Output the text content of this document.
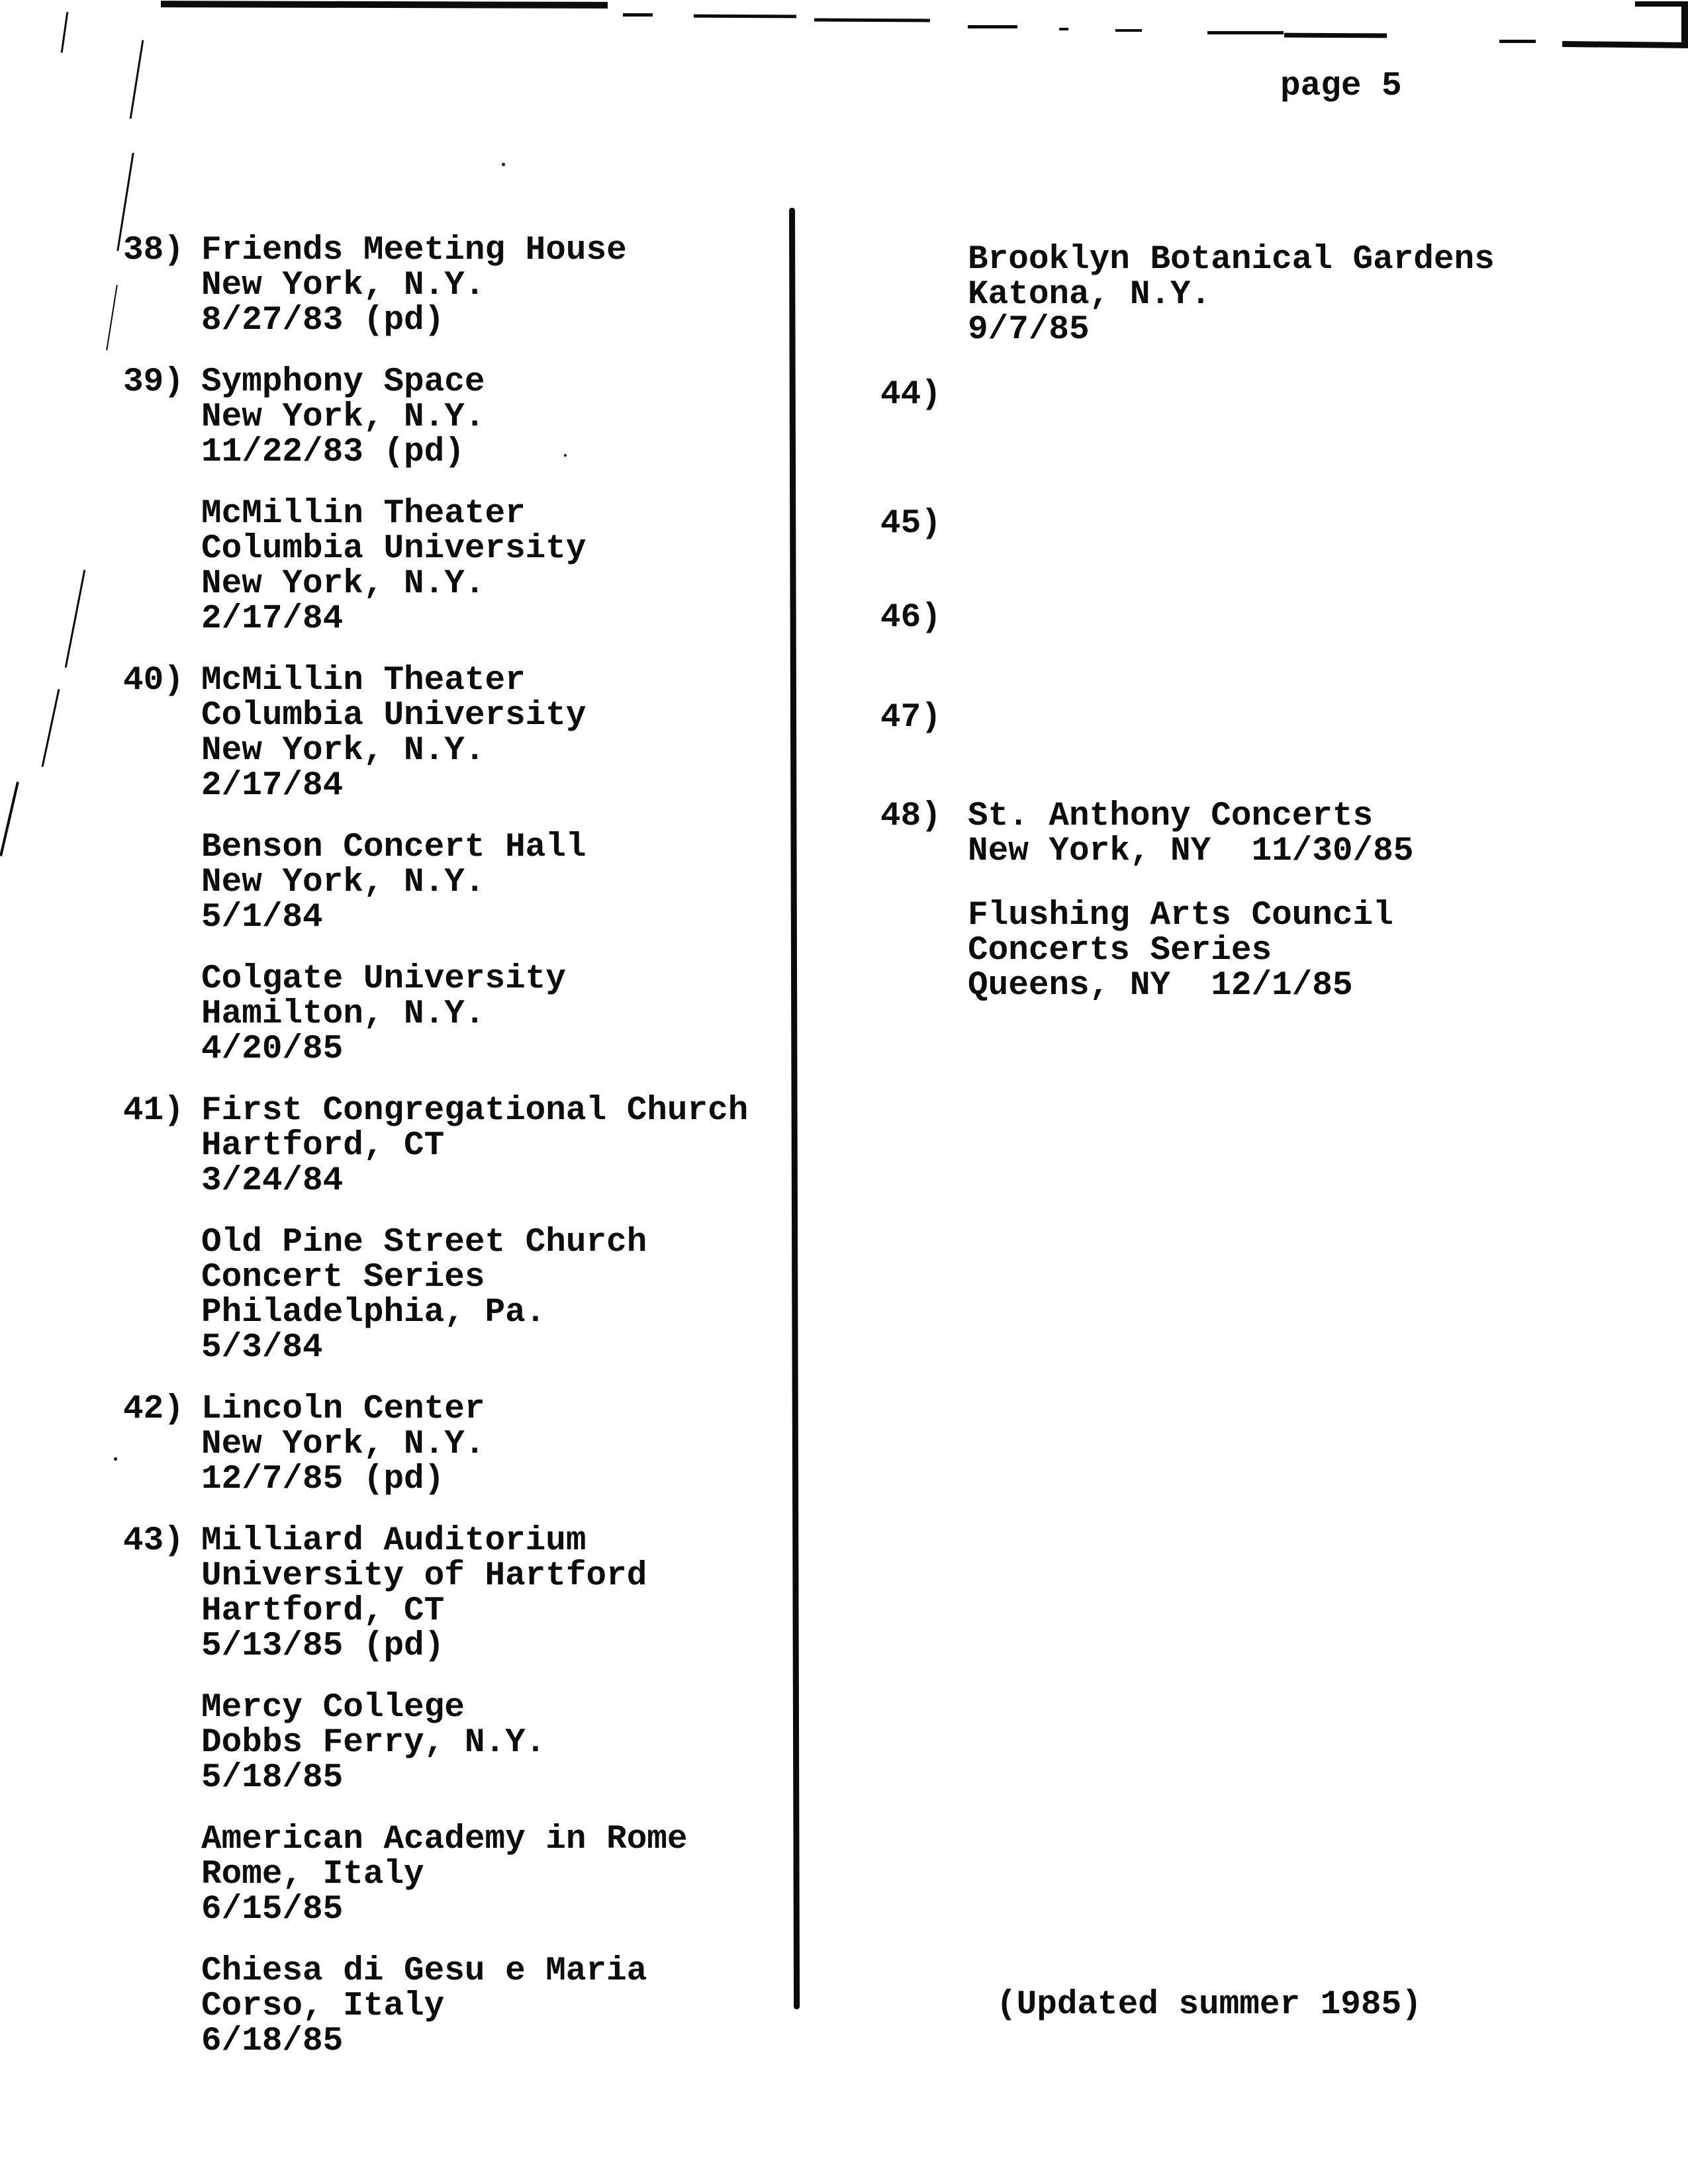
page 5
38) Friends Meeting House
New York, N.Y.
8/27/83 (pd)
39) Symphony Space
New York, N.Y.
11/22/83 (pd)
McMillin Theater
Columbia University
New York, N.Y.
2/17/84
40) McMillin Theater
Columbia University
New York, N.Y.
2/17/84
Benson Concert Hall
New York, N.Y.
5/1/84
Colgate University
Hamilton, N.Y.
4/20/85
41) First Congregational Church
Hartford, CT
3/24/84
Old Pine Street Church
Concert Series
Philadelphia, Pa.
5/3/84
42) Lincoln Center
New York, N.Y.
12/7/85 (pd)
43) Milliard Auditorium
University of Hartford
Hartford, CT
5/13/85 (pd)
Mercy College
Dobbs Ferry, N.Y.
5/18/85
American Academy in Rome
Rome, Italy
6/15/85
Chiesa di Gesu e Maria
Corso, Italy
6/18/85
Brooklyn Botanical Gardens
Katona, N.Y.
9/7/85
44)
45)
46)
47)
48) St. Anthony Concerts
New York, NY  11/30/85
Flushing Arts Council
Concerts Series
Queens, NY  12/1/85
(Updated summer 1985)
